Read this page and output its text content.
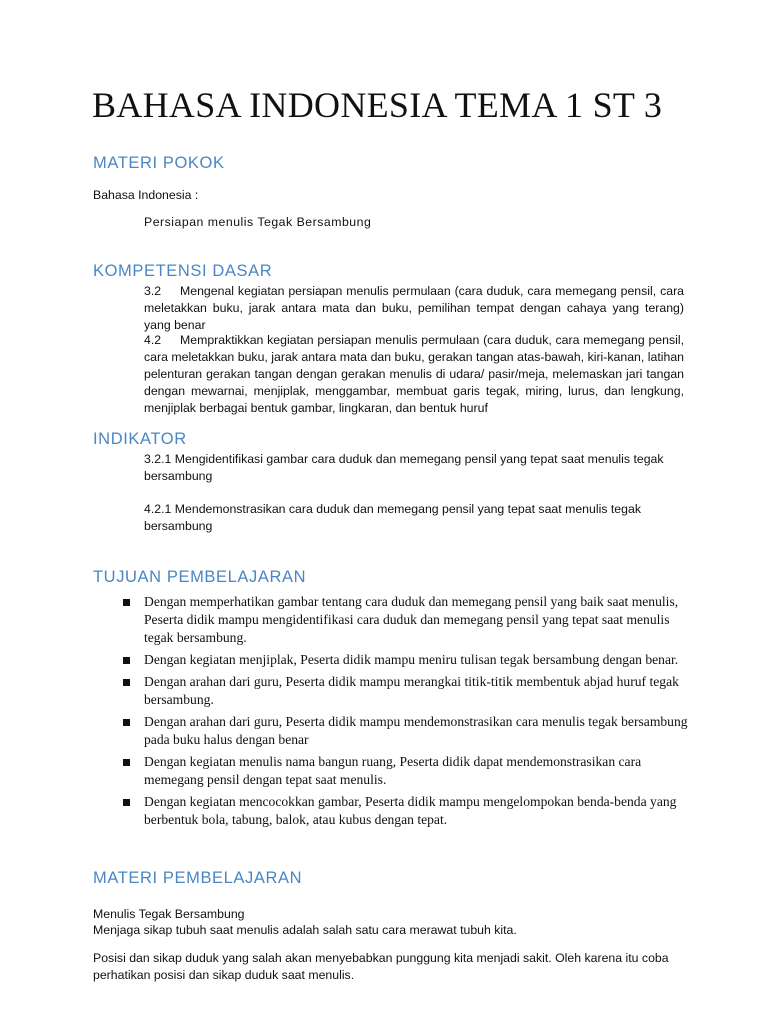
BAHASA INDONESIA TEMA 1 ST 3
MATERI POKOK
Bahasa Indonesia :
Persiapan menulis Tegak Bersambung
KOMPETENSI DASAR
3.2 Mengenal kegiatan persiapan menulis permulaan (cara duduk, cara memegang pensil, cara meletakkan buku, jarak antara mata dan buku, pemilihan tempat dengan cahaya yang terang) yang benar
4.2 Mempraktikkan kegiatan persiapan menulis permulaan (cara duduk, cara memegang pensil, cara meletakkan buku, jarak antara mata dan buku, gerakan tangan atas-bawah, kiri-kanan, latihan pelenturan gerakan tangan dengan gerakan menulis di udara/ pasir/meja, melemaskan jari tangan dengan mewarnai, menjiplak, menggambar, membuat garis tegak, miring, lurus, dan lengkung, menjiplak berbagai bentuk gambar, lingkaran, dan bentuk huruf
INDIKATOR
3.2.1 Mengidentifikasi gambar cara duduk dan memegang pensil yang tepat saat menulis tegak bersambung
4.2.1 Mendemonstrasikan cara duduk dan memegang pensil yang tepat saat menulis tegak bersambung
TUJUAN PEMBELAJARAN
Dengan memperhatikan gambar tentang cara duduk dan memegang pensil yang baik saat menulis, Peserta didik mampu mengidentifikasi cara duduk dan memegang pensil yang tepat saat menulis tegak bersambung.
Dengan kegiatan menjiplak, Peserta didik mampu meniru tulisan tegak bersambung dengan benar.
Dengan arahan dari guru, Peserta didik mampu merangkai titik-titik membentuk abjad huruf tegak bersambung.
Dengan arahan dari guru, Peserta didik mampu mendemonstrasikan cara menulis tegak bersambung pada buku halus dengan benar
Dengan kegiatan menulis nama bangun ruang, Peserta didik dapat mendemonstrasikan cara memegang pensil dengan tepat saat menulis.
Dengan kegiatan mencocokkan gambar, Peserta didik mampu mengelompokan benda-benda yang berbentuk bola, tabung, balok, atau kubus dengan tepat.
MATERI PEMBELAJARAN
Menulis Tegak Bersambung
Menjaga sikap tubuh saat menulis adalah salah satu cara merawat tubuh kita.
Posisi dan sikap duduk yang salah akan menyebabkan punggung kita menjadi sakit. Oleh karena itu coba perhatikan posisi dan sikap duduk saat menulis.
